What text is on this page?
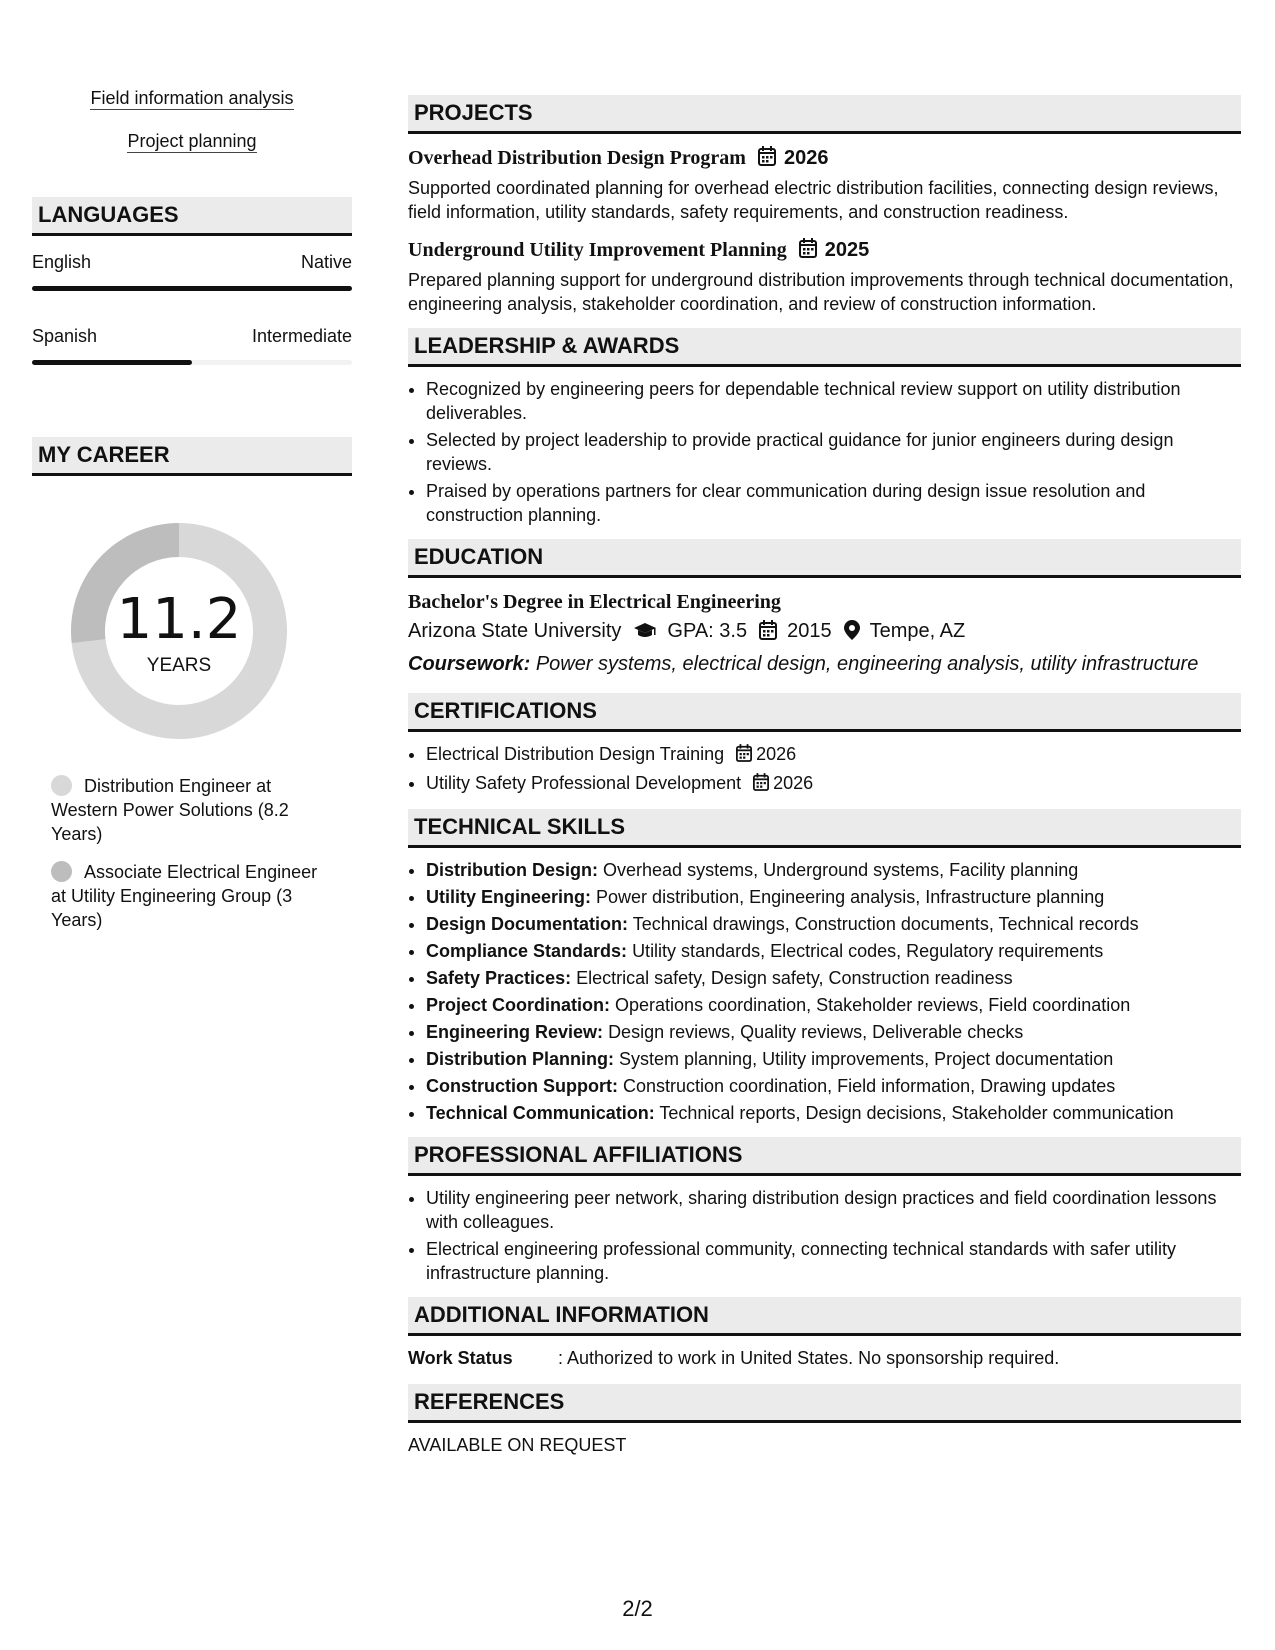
Field information analysis
Project planning
LANGUAGES
English	Native
Spanish	Intermediate
MY CAREER
11.2
YEARS
Distribution Engineer at Western Power Solutions (8.2 Years)
Associate Electrical Engineer at Utility Engineering Group (3 Years)
PROJECTS
Overhead Distribution Design Program 2026
Supported coordinated planning for overhead electric distribution facilities, connecting design reviews, field information, utility standards, safety requirements, and construction readiness.
Underground Utility Improvement Planning 2025
Prepared planning support for underground distribution improvements through technical documentation, engineering analysis, stakeholder coordination, and review of construction information.
LEADERSHIP & AWARDS
• Recognized by engineering peers for dependable technical review support on utility distribution deliverables.
• Selected by project leadership to provide practical guidance for junior engineers during design reviews.
• Praised by operations partners for clear communication during design issue resolution and construction planning.
EDUCATION
Bachelor's Degree in Electrical Engineering
Arizona State University GPA: 3.5 2015 Tempe, AZ
Coursework: Power systems, electrical design, engineering analysis, utility infrastructure
CERTIFICATIONS
• Electrical Distribution Design Training 2026
• Utility Safety Professional Development 2026
TECHNICAL SKILLS
• Distribution Design: Overhead systems, Underground systems, Facility planning
• Utility Engineering: Power distribution, Engineering analysis, Infrastructure planning
• Design Documentation: Technical drawings, Construction documents, Technical records
• Compliance Standards: Utility standards, Electrical codes, Regulatory requirements
• Safety Practices: Electrical safety, Design safety, Construction readiness
• Project Coordination: Operations coordination, Stakeholder reviews, Field coordination
• Engineering Review: Design reviews, Quality reviews, Deliverable checks
• Distribution Planning: System planning, Utility improvements, Project documentation
• Construction Support: Construction coordination, Field information, Drawing updates
• Technical Communication: Technical reports, Design decisions, Stakeholder communication
PROFESSIONAL AFFILIATIONS
• Utility engineering peer network, sharing distribution design practices and field coordination lessons with colleagues.
• Electrical engineering professional community, connecting technical standards with safer utility infrastructure planning.
ADDITIONAL INFORMATION
Work Status	: Authorized to work in United States. No sponsorship required.
REFERENCES
AVAILABLE ON REQUEST
2/2
